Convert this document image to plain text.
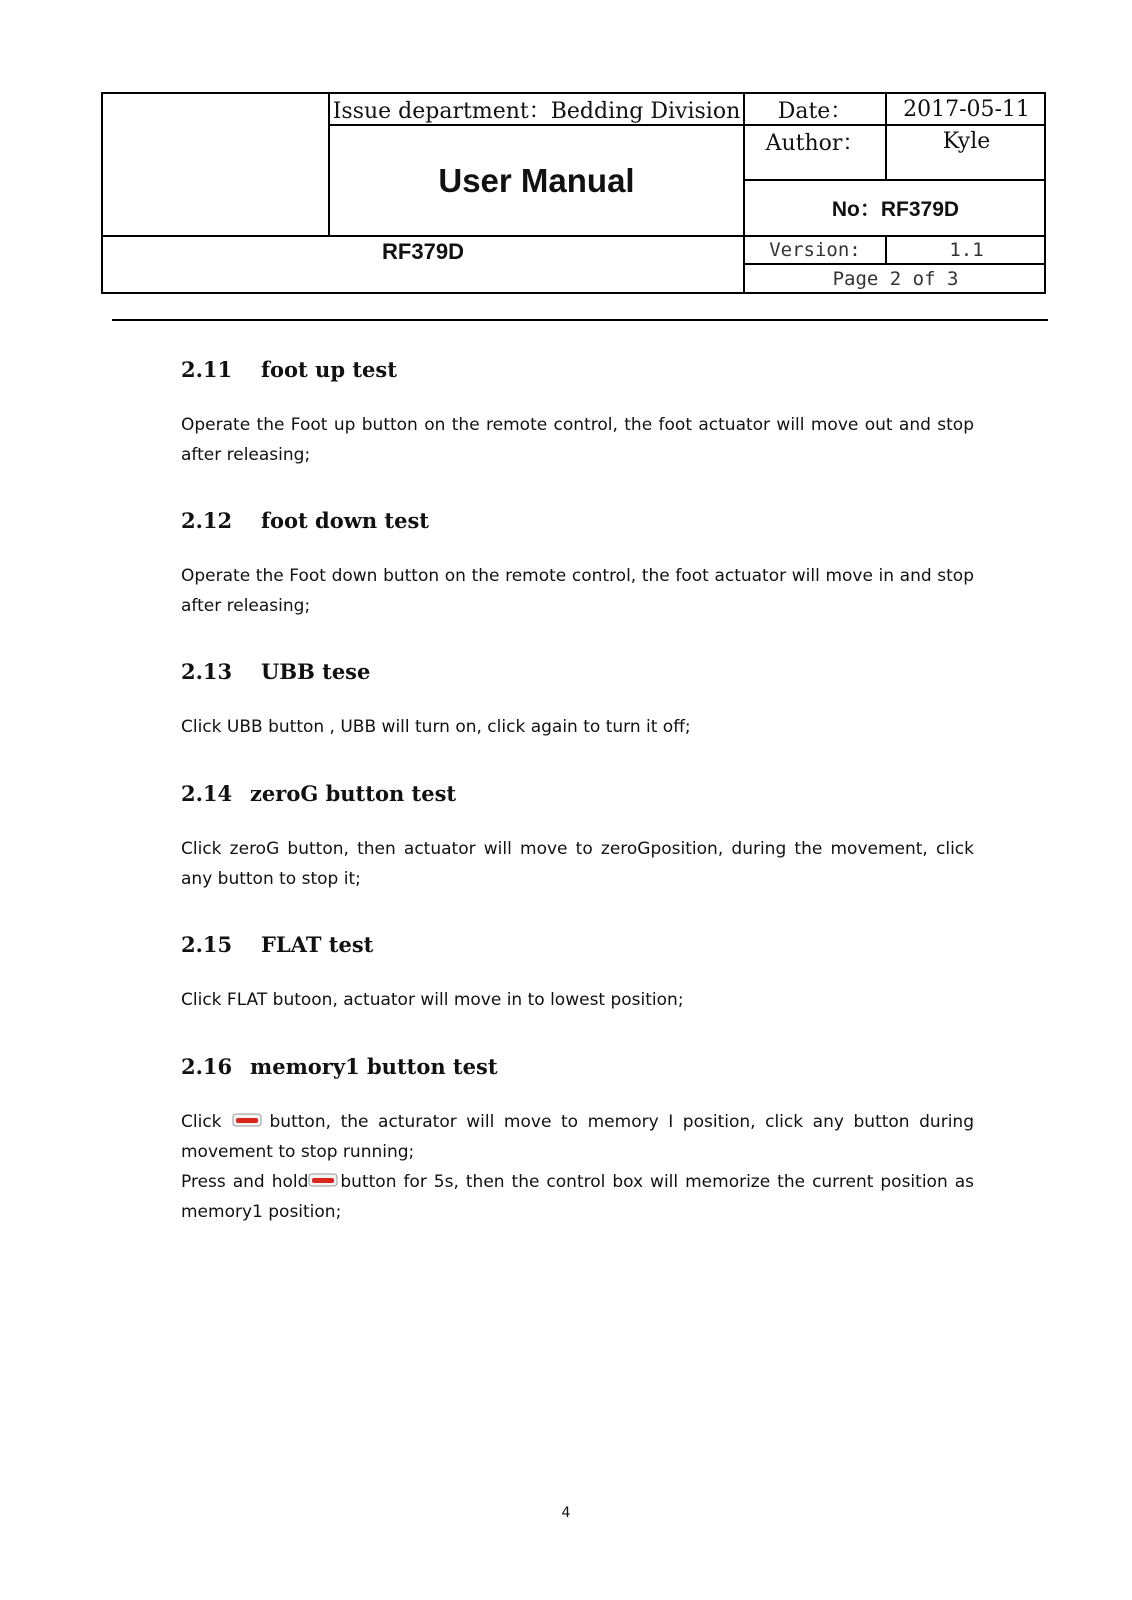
Issue department：Bedding Division
User Manual
RF379D
Date：	2017-05-11
Author：	Kyle
No：RF379D
Version:	1.1
Page 2 of 3
2.11	foot up test

Operate the Foot up button on the remote control, the foot actuator will move out and stop after releasing;

2.12	foot down test

Operate the Foot down button on the remote control, the foot actuator will move in and stop after releasing;

2.13	UBB tese

Click UBB button , UBB will turn on, click again to turn it off;

2.14 zeroG button test

Click zeroG button, then actuator will move to zeroGposition, during the movement, click any button to stop it;

2.15	FLAT test

Click FLAT butoon, actuator will move in to lowest position;

2.16 memory1 button test

Click	button, the acturator will move to memory I position, click any button during movement to stop running;

Press and hold button for 5s, then the control box will memorize the current position as memory1 position;

4
